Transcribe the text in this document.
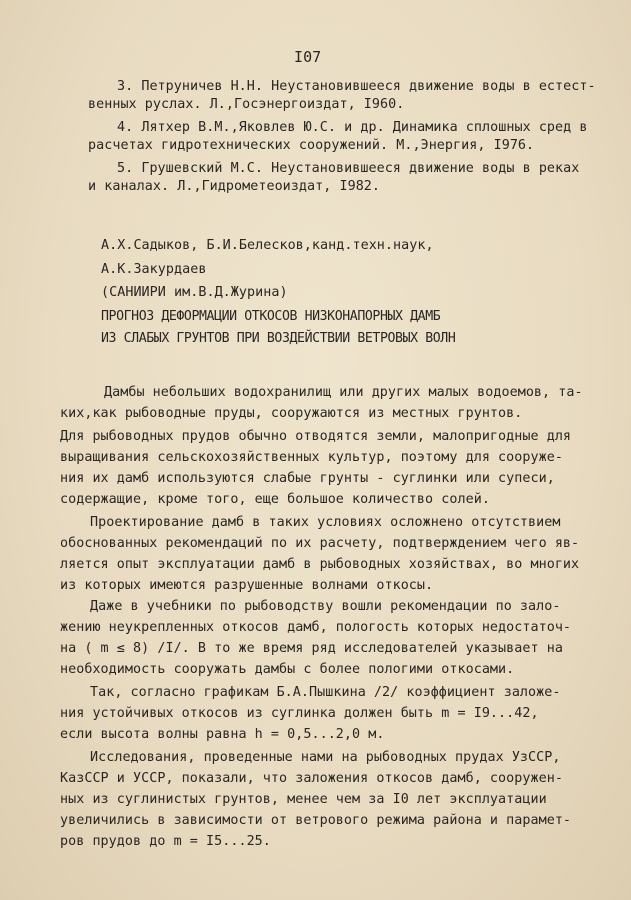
I07
3. Петруничев Н.Н. Неустановившееся движение воды в естест-
венных руслах. Л.,Госэнергоиздат, I960.
4. Лятхер В.М.,Яковлев Ю.С. и др. Динамика сплошных сред в
расчетах гидротехнических сооружений. М.,Энергия, I976.
5. Грушевский М.С. Неустановившееся движение воды в реках
и каналах. Л.,Гидрометеоиздат, I982.
А.Х.Садыков, Б.И.Белесков,канд.техн.наук,
А.К.Закурдаев
(САНИИРИ им.В.Д.Журина)
ПРОГНОЗ ДЕФОРМАЦИИ ОТКОСОВ НИЗКОНАПОРНЫХ ДАМБ
ИЗ СЛАБЫХ ГРУНТОВ ПРИ ВОЗДЕЙСТВИИ ВЕТРОВЫХ ВОЛН
Дамбы небольших водохранилищ или других малых водоемов, та-
ких,как рыбоводные пруды, сооружаются из местных грунтов.
Для рыбоводных прудов обычно отводятся земли, малопригодные для
выращивания сельскохозяйственных культур, поэтому для сооруже-
ния их дамб используются слабые грунты - суглинки или супеси,
содержащие, кроме того, еще большое количество солей.
Проектирование дамб в таких условиях осложнено отсутствием
обоснованных рекомендаций по их расчету, подтверждением чего яв-
ляется опыт эксплуатации дамб в рыбоводных хозяйствах, во многих
из которых имеются разрушенные волнами откосы.
Даже в учебники по рыбоводству вошли рекомендации по зало-
жению неукрепленных откосов дамб, пологость которых недостаточ-
на ( m ≤ 8) /I/. В то же время ряд исследователей указывает на
необходимость сооружать дамбы с более пологими откосами.
Так, согласно графикам Б.А.Пышкина /2/ коэффициент заложе-
ния устойчивых откосов из суглинка должен быть m = I9...42,
если высота волны равна h = 0,5...2,0 м.
Исследования, проведенные нами на рыбоводных прудах УзССР,
КазССР и УССР, показали, что заложения откосов дамб, сооружен-
ных из суглинистых грунтов, менее чем за I0 лет эксплуатации
увеличились в зависимости от ветрового режима района и парамет-
ров прудов до m = I5...25.
